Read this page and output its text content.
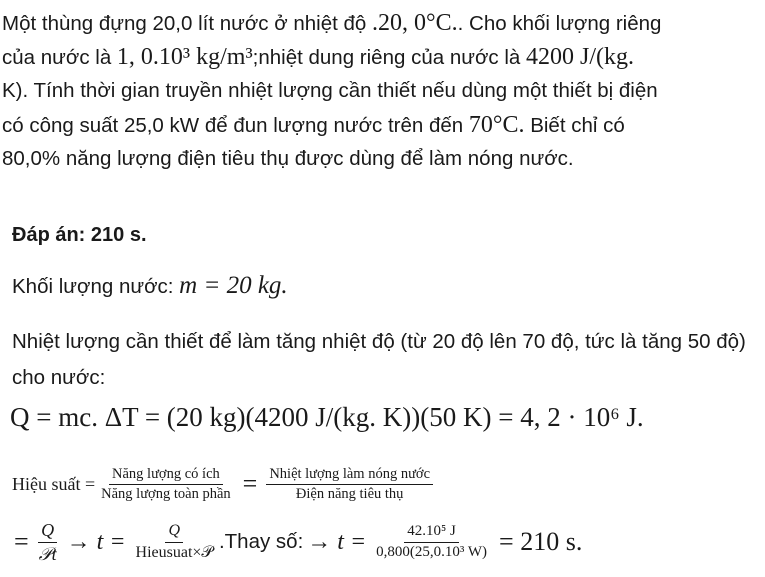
Một thùng đựng 20,0 lít nước ở nhiệt độ .20, 0°C.. Cho khối lượng riêng
của nước là 1, 0.10³ kg/m³;nhiệt dung riêng của nước là 4200 J/(kg.
K). Tính thời gian truyền nhiệt lượng cần thiết nếu dùng một thiết bị điện
có công suất 25,0 kW để đun lượng nước trên đến 70°C. Biết chỉ có
80,0% năng lượng điện tiêu thụ được dùng để làm nóng nước.
Đáp án: 210 s.
Khối lượng nước: m = 20 kg.
Nhiệt lượng cần thiết để làm tăng nhiệt độ (từ 20 độ lên 70 độ, tức là tăng 50 độ) cho nước:
Q = mc. ΔT = (20 kg)(4200 J/(kg. K))(50 K) = 4, 2 · 10⁶ J.
Hiệu suất = $\frac{\text{Năng lượng có ích}}{\text{Năng lượng toàn phần}} = \frac{\text{Nhiệt lượng làm nóng nước}}{\text{Điện năng tiêu thụ}}$
= $\frac{Q}{\text{𝒫t}} \to t = \frac{Q}{\text{Hieusuat×𝒫}}$ .Thay số: → $t = \frac{\text{42.10⁵ J}}{\text{0,800(25,0.10³ W)}} = 210$ s.
